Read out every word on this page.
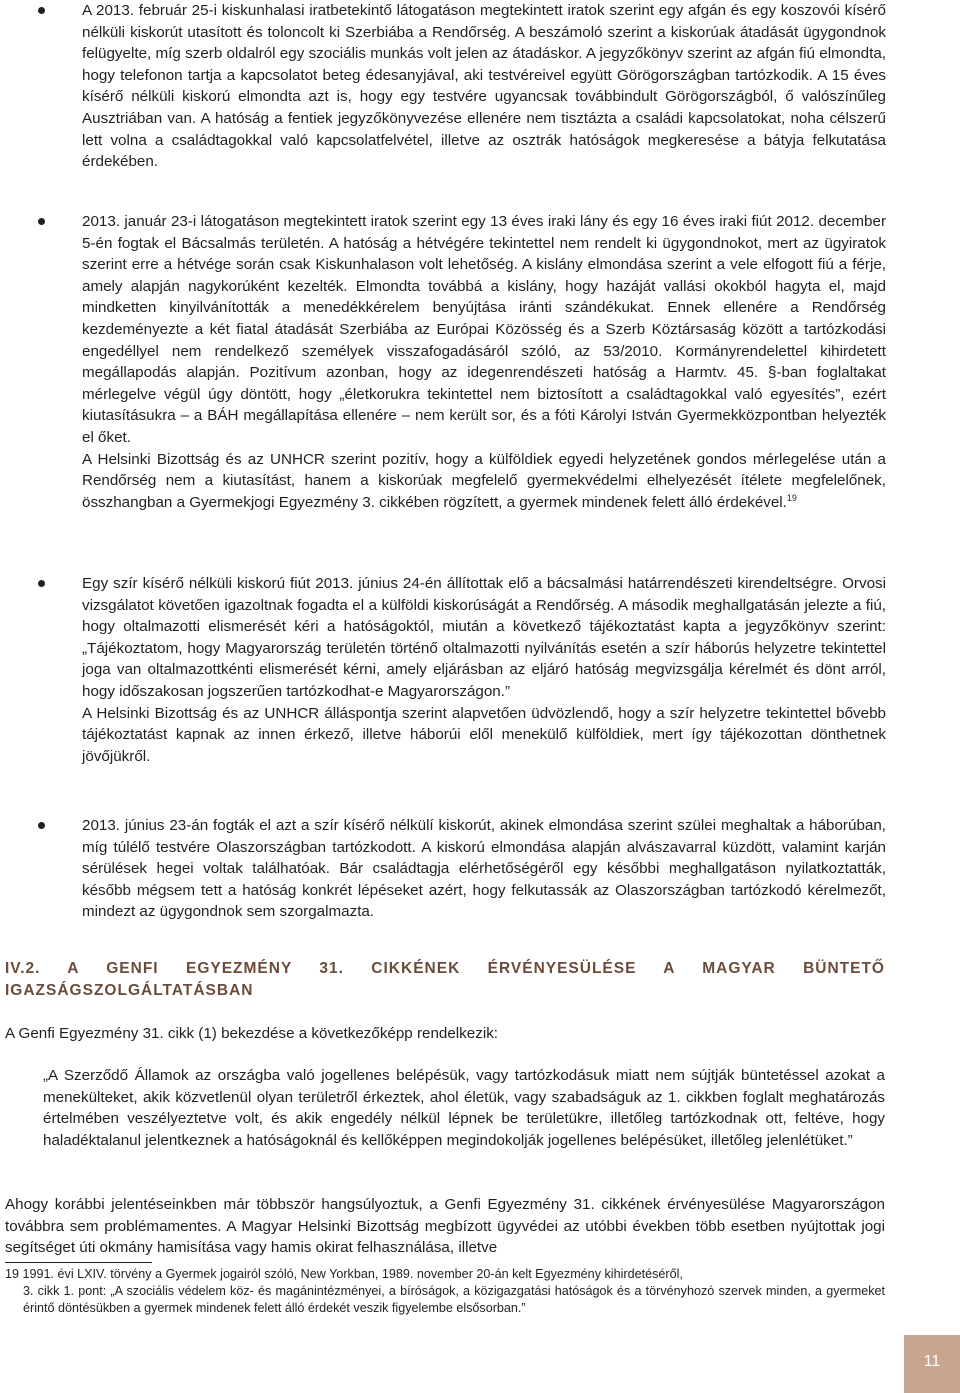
A 2013. február 25-i kiskunhalasi iratbetekintő látogatáson megtekintett iratok szerint egy afgán és egy koszovói kísérő nélküli kiskorút utasított és toloncolt ki Szerbiába a Rendőrség. A beszámoló szerint a kiskorúak átadását ügygondnok felügyelte, míg szerb oldalról egy szociális munkás volt jelen az átadáskor. A jegyzőkönyv szerint az afgán fiú elmondta, hogy telefonon tartja a kapcsolatot beteg édesanyjával, aki testvéreivel együtt Görögországban tartózkodik. A 15 éves kísérő nélküli kiskorú elmondta azt is, hogy egy testvére ugyancsak továbbindult Görögországból, ő valószínűleg Ausztriában van. A hatóság a fentiek jegyzőkönyvezése ellenére nem tisztázta a családi kapcsolatokat, noha célszerű lett volna a családtagokkal való kapcsolatfelvétel, illetve az osztrák hatóságok megkeresése a bátyja felkutatása érdekében.
2013. január 23-i látogatáson megtekintett iratok szerint egy 13 éves iraki lány és egy 16 éves iraki fiút 2012. december 5-én fogtak el Bácsalmás területén. A hatóság a hétvégére tekintettel nem rendelt ki ügygondnokot, mert az ügyiratok szerint erre a hétvége során csak Kiskunhalason volt lehetőség. A kislány elmondása szerint a vele elfogott fiú a férje, amely alapján nagykorúként kezelték. Elmondta továbbá a kislány, hogy hazáját vallási okokból hagyta el, majd mindketten kinyilvánították a menedékkérelem benyújtása iránti szándékukat. Ennek ellenére a Rendőrség kezdeményezte a két fiatal átadását Szerbiába az Európai Közösség és a Szerb Köztársaság között a tartózkodási engedéllyel nem rendelkező személyek visszafogadásáról szóló, az 53/2010. Kormányrendelettel kihirdetett megállapodás alapján. Pozitívum azonban, hogy az idegenrendészeti hatóság a Harmtv. 45. §-ban foglaltakat mérlegelve végül úgy döntött, hogy „életkorukra tekintettel nem biztosított a családtagokkal való egyesítés”, ezért kiutasításukra – a BÁH megállapítása ellenére – nem került sor, és a fóti Károlyi István Gyermekközpontban helyezték el őket.
A Helsinki Bizottság és az UNHCR szerint pozitív, hogy a külföldiek egyedi helyzetének gondos mérlegelése után a Rendőrség nem a kiutasítást, hanem a kiskorúak megfelelő gyermekvédelmi elhelyezését ítélete megfelelőnek, összhangban a Gyermekjogi Egyezmény 3. cikkében rögzített, a gyermek mindenek felett álló érdekével.$^{19}$
Egy szír kísérő nélküli kiskorú fiút 2013. június 24-én állítottak elő a bácsalmási határrendészeti kirendeltségre. Orvosi vizsgálatot követően igazoltnak fogadta el a külföldi kiskorúságát a Rendőrség. A második meghallgatásán jelezte a fiú, hogy oltalmazotti elismerését kéri a hatóságoktól, miután a következő tájékoztatást kapta a jegyzőkönyv szerint: „Tájékoztatom, hogy Magyarország területén történő oltalmazotti nyilvánítás esetén a szír háborús helyzetre tekintettel joga van oltalmazottkénti elismerését kérni, amely eljárásban az eljáró hatóság megvizsgálja kérelmét és dönt arról, hogy időszakosan jogszerűen tartózkodhat-e Magyarországon.”
A Helsinki Bizottság és az UNHCR álláspontja szerint alapvetően üdvözlendő, hogy a szír helyzetre tekintettel bővebb tájékoztatást kapnak az innen érkező, illetve háborúi elől menekülő külföldiek, mert így tájékozottan dönthetnek jövőjükről.
2013. június 23-án fogták el azt a szír kísérő nélkülí kiskorút, akinek elmondása szerint szülei meghaltak a háborúban, míg túlélő testvére Olaszországban tartózkodott. A kiskorú elmondása alapján alvászavarral küzdött, valamint karján sérülések hegei voltak találhatóak. Bár családtagja elérhetőségéről egy későbbi meghallgatáson nyilatkoztatták, később mégsem tett a hatóság konkrét lépéseket azért, hogy felkutassák az Olaszországban tartózkodó kérelmezőt, mindezt az ügygondnok sem szorgalmazta.
IV.2. A GENFI EGYEZMÉNY 31. CIKKÉNEK ÉRVÉNYESÜLÉSE A MAGYAR BÜNTETŐ IGAZSÁGSZOLGÁLTATÁSBAN
A Genfi Egyezmény 31. cikk (1) bekezdése a következőképp rendelkezik:
„A Szerződő Államok az országba való jogellenes belépésük, vagy tartózkodásuk miatt nem sújtják büntetéssel azokat a menekülteket, akik közvetlenül olyan területről érkeztek, ahol életük, vagy szabadságuk az 1. cikkben foglalt meghatározás értelmében veszélyeztetve volt, és akik engedély nélkül lépnek be területükre, illetőleg tartózkodnak ott, feltéve, hogy haladéktalanul jelentkeznek a hatóságoknál és kellőképpen megindokolják jogellenes belépésüket, illetőleg jelenlétüket.”
Ahogy korábbi jelentéseinkben már többször hangsúlyoztuk, a Genfi Egyezmény 31. cikkének érvényesülése Magyarországon továbbra sem problémamentes. A Magyar Helsinki Bizottság megbízott ügyvédei az utóbbi években több esetben nyújtottak jogi segítséget úti okmány hamisítása vagy hamis okirat felhasználása, illetve
19 1991. évi LXIV. törvény a Gyermek jogairól szóló, New Yorkban, 1989. november 20-án kelt Egyezmény kihirdetéséről,
3. cikk 1. pont: „A szociális védelem köz- és magánintézményei, a bíróságok, a közigazgatási hatóságok és a törvényhozó szervek minden, a gyermeket érintő döntésükben a gyermek mindenek felett álló érdekét veszik figyelembe elsősorban.”
11
